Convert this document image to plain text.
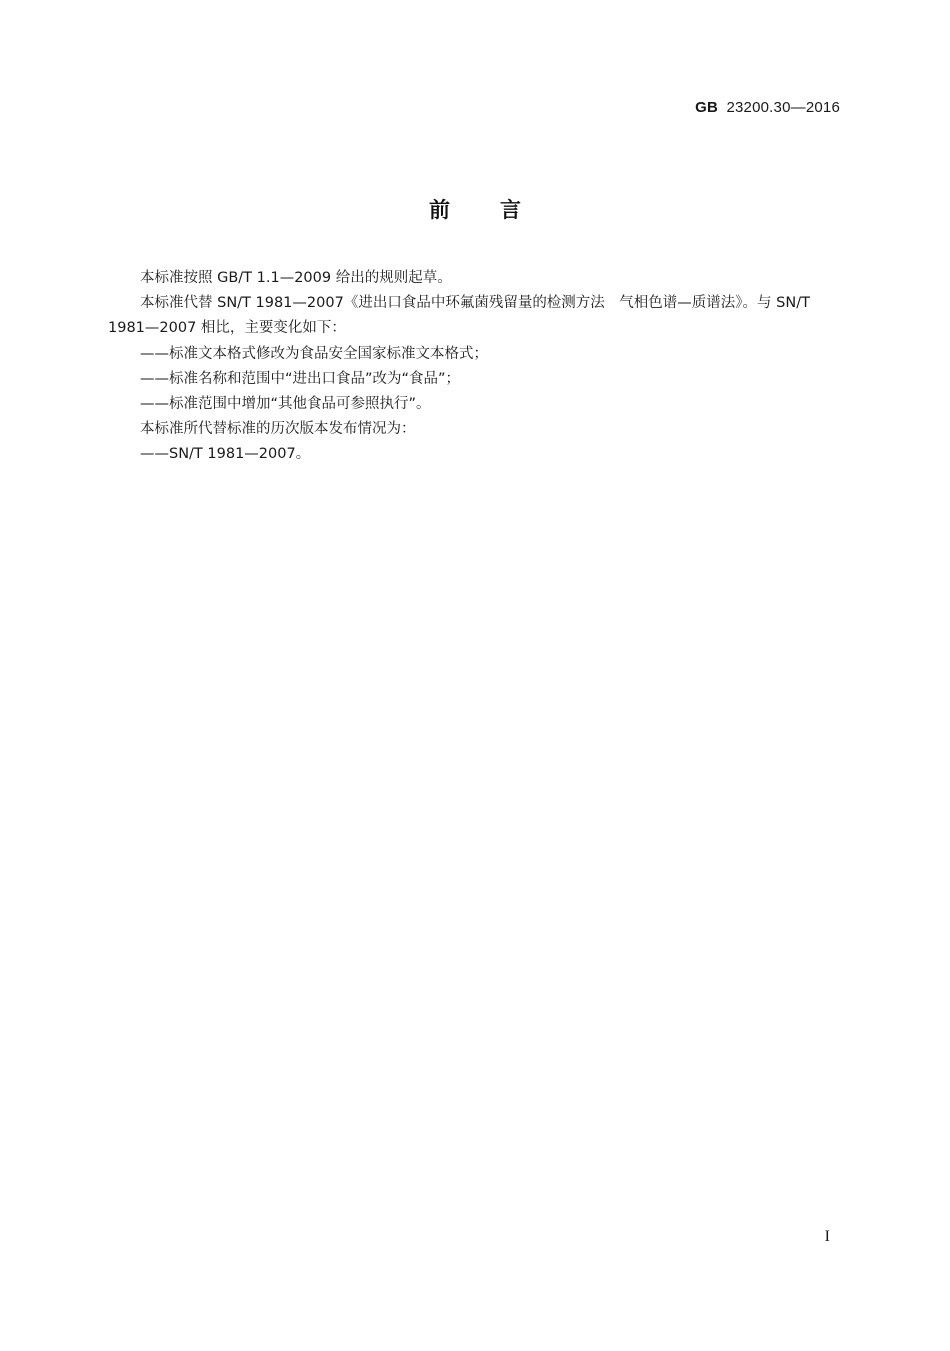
GB 23200.30—2016
前言

本标准按照 GB/T 1.1—2009 给出的规则起草。

本标准代替 SN/T 1981—2007《进出口食品中环氟菌残留量的检测方法　气相色谱—质谱法》。与 SN/T 1981—2007 相比，主要变化如下：

——标准文本格式修改为食品安全国家标准文本格式；

——标准名称和范围中“进出口食品”改为“食品”；

——标准范围中增加“其他食品可参照执行”。

本标准所代替标准的历次版本发布情况为：

——SN/T 1981—2007。

I
